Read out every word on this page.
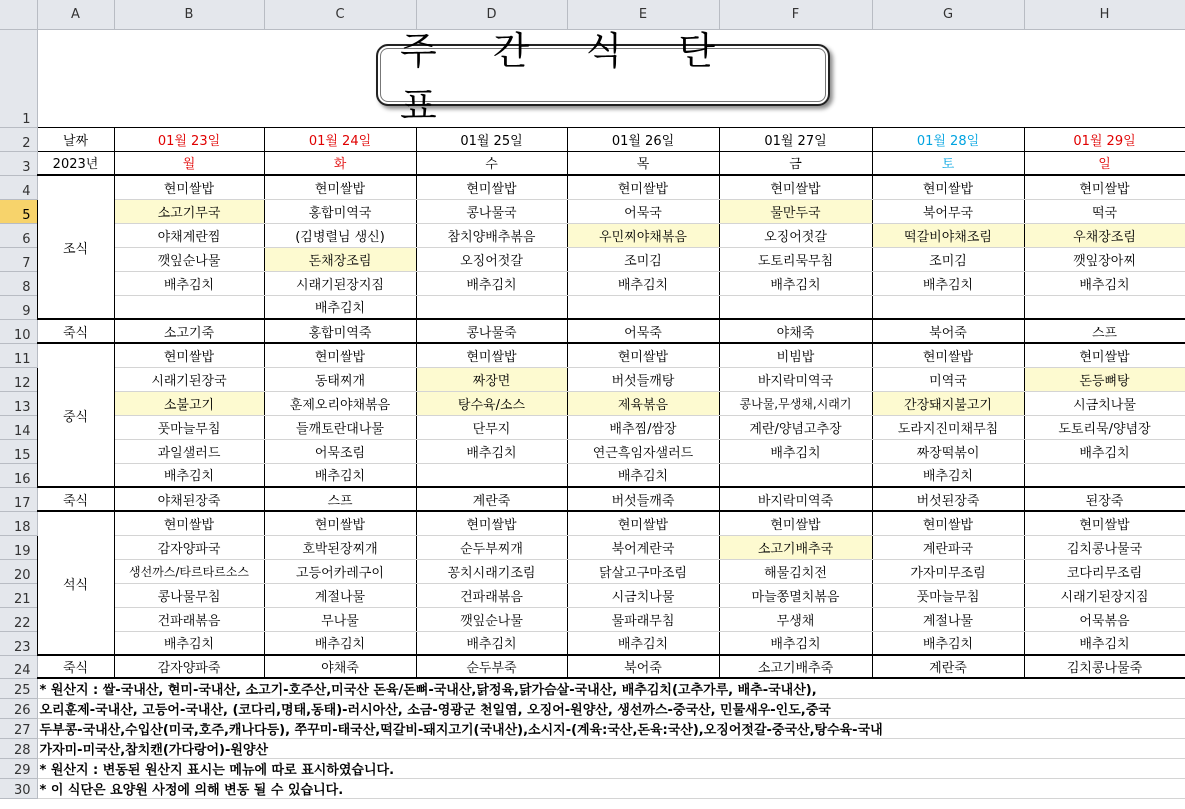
	A	B	C	D	E	F	G	H
1								
2	날짜	01월 23일	01월 24일	01월 25일	01월 26일	01월 27일	01월 28일	01월 29일
3	2023년	월	화	수	목	금	토	일
4	조식	현미쌀밥	현미쌀밥	현미쌀밥	현미쌀밥	현미쌀밥	현미쌀밥	현미쌀밥
5		소고기무국	홍합미역국	콩나물국	어묵국	물만두국	북어무국	떡국
6		야채계란찜	(김병렬님 생신)	참치양배추볶음	우민찌야채볶음	오징어젓갈	떡갈비야채조림	우채장조림
7		깻잎순나물	돈채장조림	오징어젓갈	조미김	도토리묵무침	조미김	깻잎장아찌
8		배추김치	시래기된장지짐	배추김치	배추김치	배추김치	배추김치	배추김치
9			배추김치					
10	죽식	소고기죽	홍합미역죽	콩나물죽	어묵죽	야채죽	북어죽	스프
11	중식	현미쌀밥	현미쌀밥	현미쌀밥	현미쌀밥	비빔밥	현미쌀밥	현미쌀밥
12		시래기된장국	동태찌개	짜장면	버섯들깨탕	바지락미역국	미역국	돈등뼈탕
13		소불고기	훈제오리야채볶음	탕수육/소스	제육볶음	콩나물,무생채,시래기	간장돼지불고기	시금치나물
14		풋마늘무침	들깨토란대나물	단무지	배추찜/쌈장	계란/양념고추장	도라지진미채무침	도토리묵/양념장
15		과일샐러드	어묵조림	배추김치	연근흑임자샐러드	배추김치	짜장떡볶이	배추김치
16		배추김치	배추김치		배추김치		배추김치	
17	죽식	야채된장죽	스프	계란죽	버섯들깨죽	바지락미역죽	버섯된장죽	된장죽
18	석식	현미쌀밥	현미쌀밥	현미쌀밥	현미쌀밥	현미쌀밥	현미쌀밥	현미쌀밥
19		감자양파국	호박된장찌개	순두부찌개	북어계란국	소고기배추국	계란파국	김치콩나물국
20		생선까스/타르타르소스	고등어카레구이	꽁치시래기조림	닭살고구마조림	해물김치전	가자미무조림	코다리무조림
21		콩나물무침	계절나물	건파래볶음	시금치나물	마늘쫑멸치볶음	풋마늘무침	시래기된장지짐
22		건파래볶음	무나물	깻잎순나물	물파래무침	무생채	계절나물	어묵볶음
23		배추김치	배추김치	배추김치	배추김치	배추김치	배추김치	배추김치
24	죽식	감자양파죽	야채죽	순두부죽	북어죽	소고기배추죽	계란죽	김치콩나물죽
25	* 원산지 : 쌀-국내산, 현미-국내산, 소고기-호주산,미국산 돈육/돈뼈-국내산,닭정육,닭가슴살-국내산, 배추김치(고추가루, 배추-국내산),							
26	오리훈제-국내산, 고등어-국내산, (코다리,명태,동태)-러시아산, 소금-영광군 천일염, 오징어-원양산, 생선까스-중국산, 민물새우-인도,중국							
27	두부콩-국내산,수입산(미국,호주,캐나다등), 쭈꾸미-태국산,떡갈비-돼지고기(국내산),소시지-(계육:국산,돈육:국산),오징어젓갈-중국산,탕수육-국내							
28	가자미-미국산,참치캔(가다랑어)-원양산							
29	* 원산지 : 변동된 원산지 표시는 메뉴에 따로 표시하였습니다.							
30	* 이 식단은 요양원 사정에 의해 변동 될 수 있습니다.							
주 간 식 단 표
